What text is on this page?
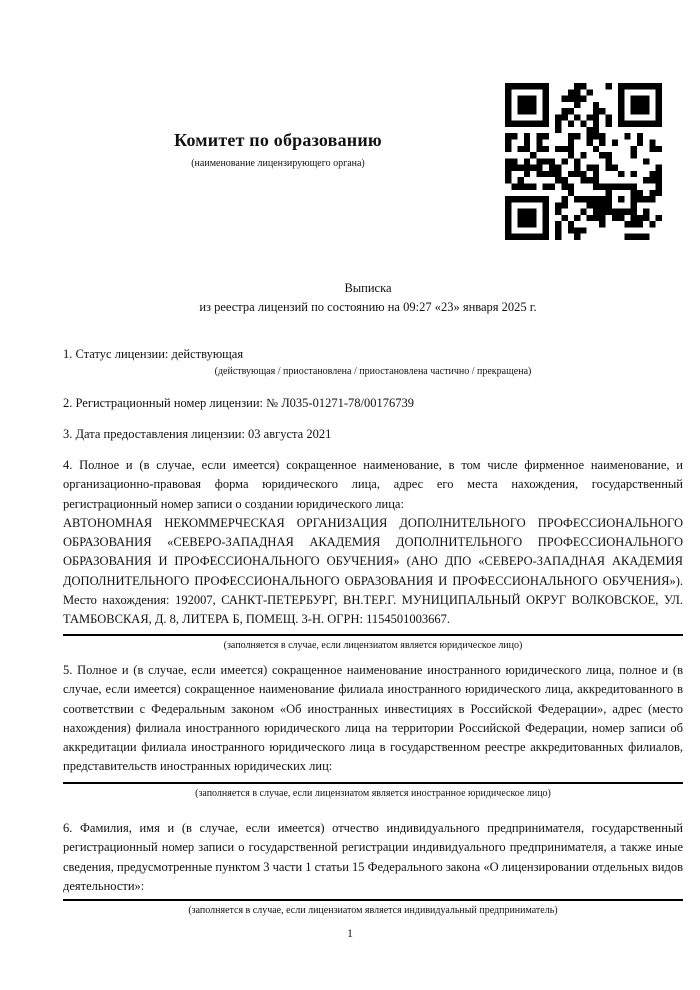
Комитет по образованию
(наименование лицензирующего органа)
Выписка
из реестра лицензий по состоянию на 09:27 «23» января 2025 г.
1. Статус лицензии: действующая
(действующая / приостановлена / приостановлена частично / прекращена)
2. Регистрационный номер лицензии: № Л035-01271-78/00176739
3. Дата предоставления лицензии: 03 августа 2021
4. Полное и (в случае, если имеется) сокращенное наименование, в том числе фирменное наименование, и организационно-правовая форма юридического лица, адрес его места нахождения, государственный регистрационный номер записи о создании юридического лица:
АВТОНОМНАЯ НЕКОММЕРЧЕСКАЯ ОРГАНИЗАЦИЯ ДОПОЛНИТЕЛЬНОГО ПРОФЕССИОНАЛЬНОГО ОБРАЗОВАНИЯ «СЕВЕРО-ЗАПАДНАЯ АКАДЕМИЯ ДОПОЛНИТЕЛЬНОГО ПРОФЕССИОНАЛЬНОГО ОБРАЗОВАНИЯ И ПРОФЕССИОНАЛЬНОГО ОБУЧЕНИЯ» (АНО ДПО «СЕВЕРО-ЗАПАДНАЯ АКАДЕМИЯ ДОПОЛНИТЕЛЬНОГО ПРОФЕССИОНАЛЬНОГО ОБРАЗОВАНИЯ И ПРОФЕССИОНАЛЬНОГО ОБУЧЕНИЯ»). Место нахождения: 192007, САНКТ-ПЕТЕРБУРГ, ВН.ТЕР.Г. МУНИЦИПАЛЬНЫЙ ОКРУГ ВОЛКОВСКОЕ, УЛ. ТАМБОВСКАЯ, Д. 8, ЛИТЕРА Б, ПОМЕЩ. 3-Н. ОГРН: 1154501003667.
(заполняется в случае, если лицензиатом является юридическое лицо)
5. Полное и (в случае, если имеется) сокращенное наименование иностранного юридического лица, полное и (в случае, если имеется) сокращенное наименование филиала иностранного юридического лица, аккредитованного в соответствии с Федеральным законом «Об иностранных инвестициях в Российской Федерации», адрес (место нахождения) филиала иностранного юридического лица на территории Российской Федерации, номер записи об аккредитации филиала иностранного юридического лица в государственном реестре аккредитованных филиалов, представительств иностранных юридических лиц:
(заполняется в случае, если лицензиатом является иностранное юридическое лицо)
6. Фамилия, имя и (в случае, если имеется) отчество индивидуального предпринимателя, государственный регистрационный номер записи о государственной регистрации индивидуального предпринимателя, а также иные сведения, предусмотренные пунктом 3 части 1 статьи 15 Федерального закона «О лицензировании отдельных видов деятельности»:
(заполняется в случае, если лицензиатом является индивидуальный предприниматель)
1
